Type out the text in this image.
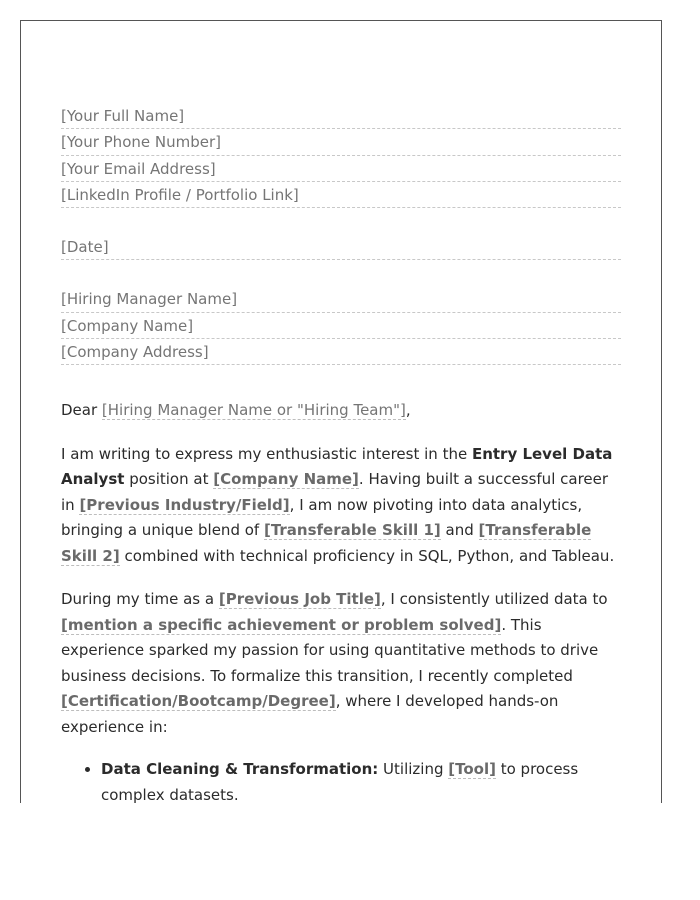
[Your Full Name]
[Your Phone Number]
[Your Email Address]
[LinkedIn Profile / Portfolio Link]
[Date]
[Hiring Manager Name]
[Company Name]
[Company Address]
Dear [Hiring Manager Name or "Hiring Team"],

I am writing to express my enthusiastic interest in the Entry Level Data Analyst position at [Company Name]. Having built a successful career in [Previous Industry/Field], I am now pivoting into data analytics, bringing a unique blend of [Transferable Skill 1] and [Transferable Skill 2] combined with technical proficiency in SQL, Python, and Tableau.

During my time as a [Previous Job Title], I consistently utilized data to [mention a specific achievement or problem solved]. This experience sparked my passion for using quantitative methods to drive business decisions. To formalize this transition, I recently completed [Certification/Bootcamp/Degree], where I developed hands-on experience in:

• Data Cleaning & Transformation: Utilizing [Tool] to process complex datasets.
